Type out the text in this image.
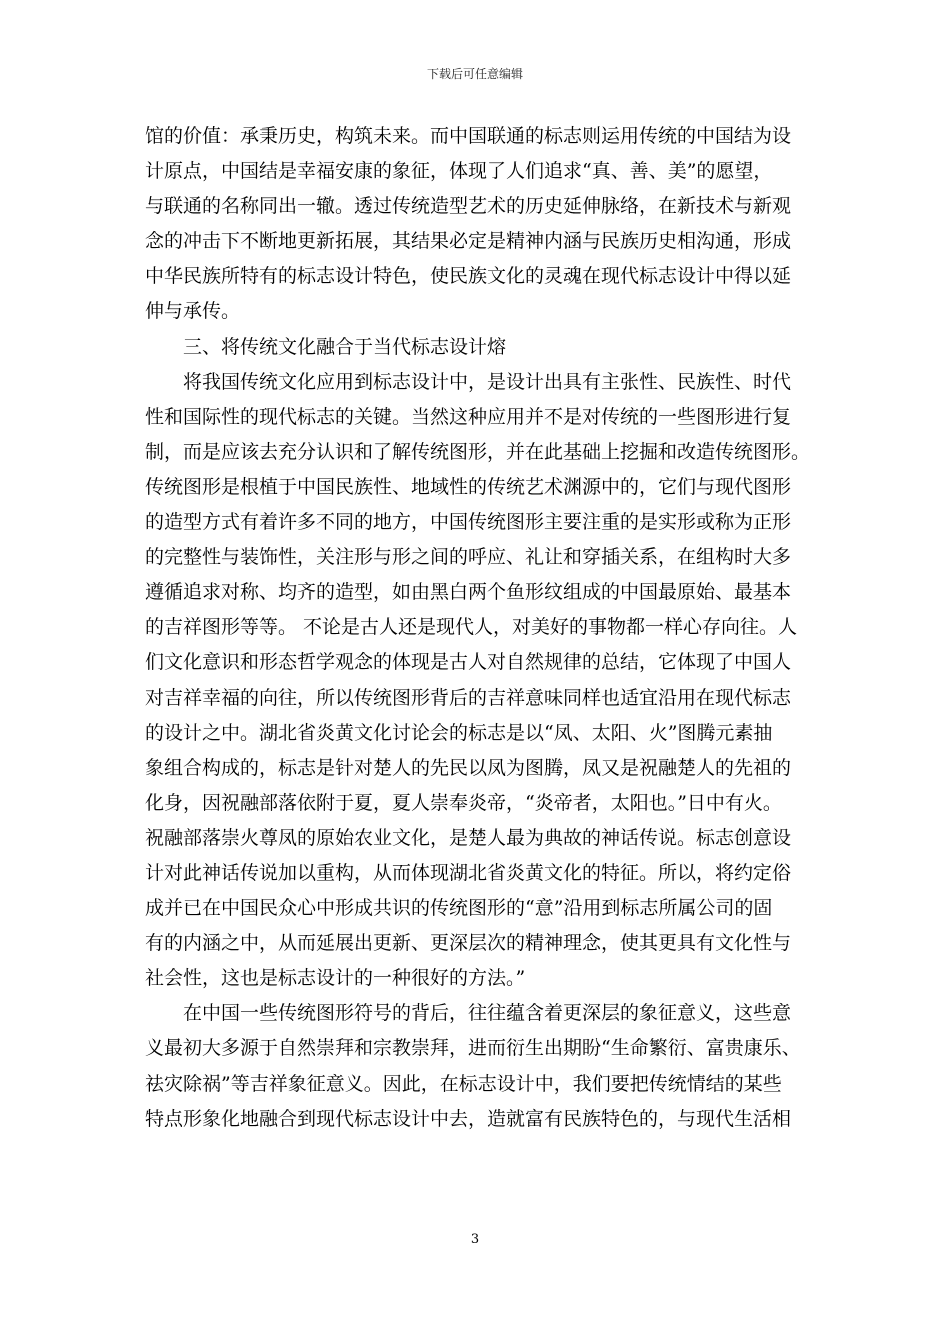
下载后可任意编辑
馆的价值：承秉历史，构筑未来。而中国联通的标志则运用传统的中国结为设
计原点，中国结是幸福安康的象征，体现了人们追求“真、善、美”的愿望，
与联通的名称同出一辙。透过传统造型艺术的历史延伸脉络，在新技术与新观
念的冲击下不断地更新拓展，其结果必定是精神内涵与民族历史相沟通，形成
中华民族所特有的标志设计特色，使民族文化的灵魂在现代标志设计中得以延
伸与承传。
三、将传统文化融合于当代标志设计熔
将我国传统文化应用到标志设计中，是设计出具有主张性、民族性、时代
性和国际性的现代标志的关键。当然这种应用并不是对传统的一些图形进行复
制，而是应该去充分认识和了解传统图形，并在此基础上挖掘和改造传统图形。
传统图形是根植于中国民族性、地域性的传统艺术渊源中的，它们与现代图形
的造型方式有着许多不同的地方，中国传统图形主要注重的是实形或称为正形
的完整性与装饰性，关注形与形之间的呼应、礼让和穿插关系，在组构时大多
遵循追求对称、均齐的造型，如由黑白两个鱼形纹组成的中国最原始、最基本
的吉祥图形等等。 不论是古人还是现代人，对美好的事物都一样心存向往。人
们文化意识和形态哲学观念的体现是古人对自然规律的总结，它体现了中国人
对吉祥幸福的向往，所以传统图形背后的吉祥意味同样也适宜沿用在现代标志
的设计之中。湖北省炎黄文化讨论会的标志是以“凤、太阳、火”图腾元素抽
象组合构成的，标志是针对楚人的先民以凤为图腾，凤又是祝融楚人的先祖的
化身，因祝融部落依附于夏，夏人崇奉炎帝，“炎帝者，太阳也。”日中有火。
祝融部落崇火尊凤的原始农业文化，是楚人最为典故的神话传说。标志创意设
计对此神话传说加以重构，从而体现湖北省炎黄文化的特征。所以，将约定俗
成并已在中国民众心中形成共识的传统图形的“意”沿用到标志所属公司的固
有的内涵之中，从而延展出更新、更深层次的精神理念，使其更具有文化性与
社会性，这也是标志设计的一种很好的方法。”
在中国一些传统图形符号的背后，往往蕴含着更深层的象征意义，这些意
义最初大多源于自然崇拜和宗教崇拜，进而衍生出期盼“生命繁衍、富贵康乐、
祛灾除祸”等吉祥象征意义。因此，在标志设计中，我们要把传统情结的某些
特点形象化地融合到现代标志设计中去，造就富有民族特色的，与现代生活相
3
